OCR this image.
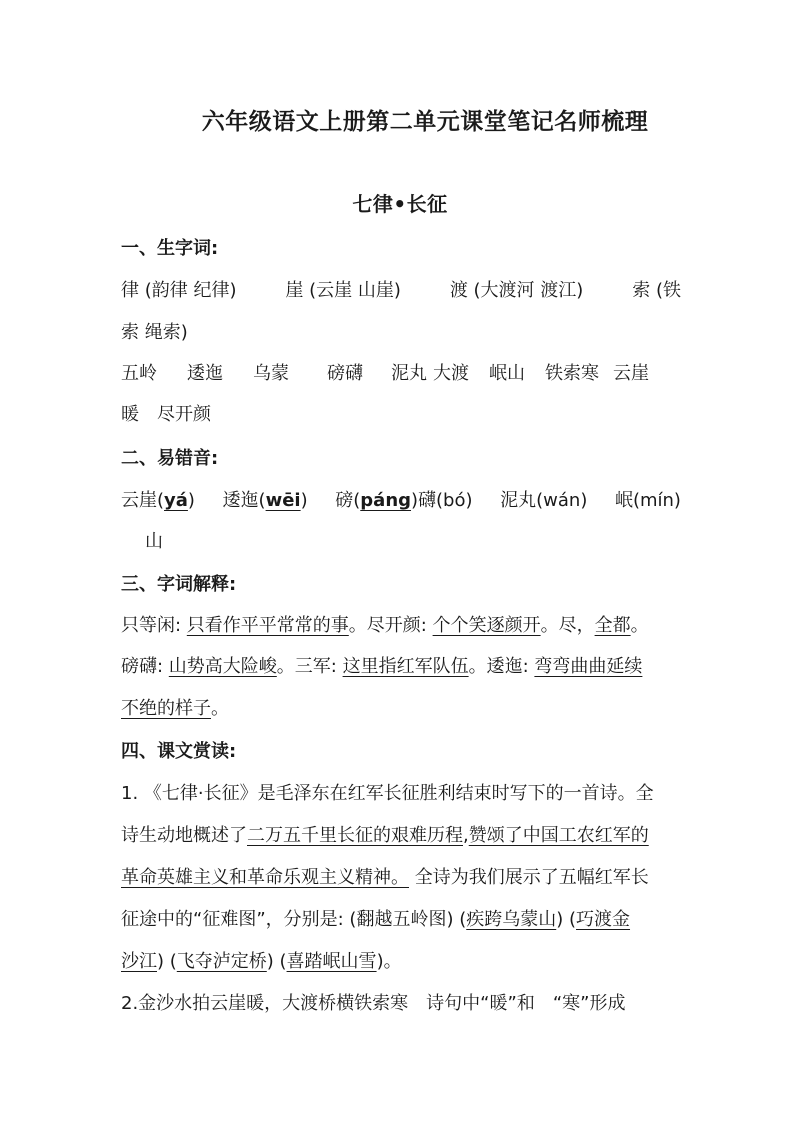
六年级语文上册第二单元课堂笔记名师梳理
七律•长征
一、生字词:
律 (韵律 纪律)	崖 (云崖 山崖)	渡 (大渡河 渡江)	索 (铁
索 绳索)
五岭 逶迤 乌蒙 磅礴 泥丸 大渡 岷山 铁索寒 云崖
暖　尽开颜
二、易错音:
云崖(yá) 逶迤(wēi) 磅(páng)礴(bó) 泥丸(wán) 岷(mín)
山
三、字词解释:
只等闲: 只看作平平常常的事。尽开颜: 个个笑逐颜开。尽，全都。
磅礴: 山势高大险峻。三军: 这里指红军队伍。逶迤: 弯弯曲曲延续
不绝的样子。
四、课文赏读:
1. 《七律·长征》是毛泽东在红军长征胜利结束时写下的一首诗。全
诗生动地概述了二万五千里长征的艰难历程,赞颂了中国工农红军的
革命英雄主义和革命乐观主义精神。 全诗为我们展示了五幅红军长
征途中的“征难图”，分别是: (翻越五岭图) (疾跨乌蒙山) (巧渡金
沙江) (飞夺泸定桥) (喜踏岷山雪)。
2.金沙水拍云崖暖，大渡桥横铁索寒　诗句中“暖”和　“寒”形成
